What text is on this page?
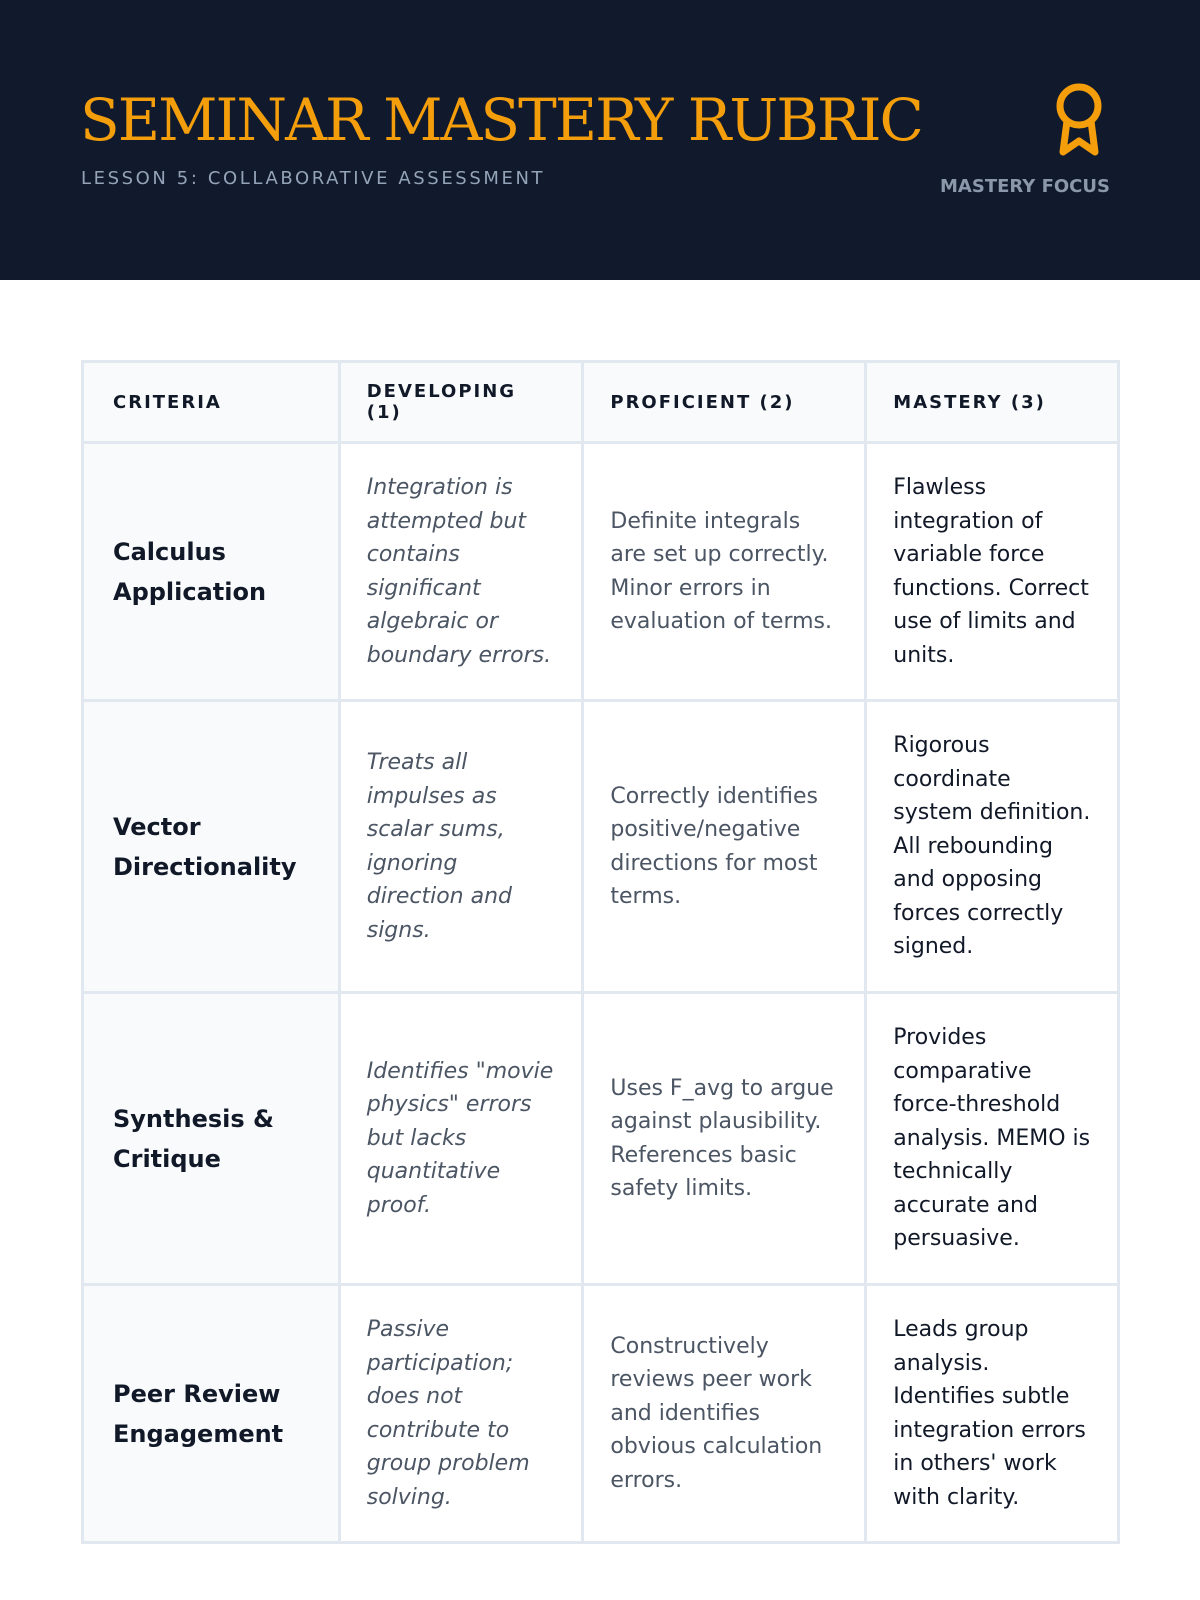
SEMINAR MASTERY RUBRIC
LESSON 5: COLLABORATIVE ASSESSMENT	MASTERY FOCUS
CRITERIA	DEVELOPING (1)	PROFICIENT (2)	MASTERY (3)
Calculus Application	Integration is attempted but contains significant algebraic or boundary errors.	Definite integrals are set up correctly. Minor errors in evaluation of terms.	Flawless integration of variable force functions. Correct use of limits and units.
Vector Directionality	Treats all impulses as scalar sums, ignoring direction and signs.	Correctly identifies positive/negative directions for most terms.	Rigorous coordinate system definition. All rebounding and opposing forces correctly signed.
Synthesis & Critique	Identifies "movie physics" errors but lacks quantitative proof.	Uses F_avg to argue against plausibility. References basic safety limits.	Provides comparative force-threshold analysis. MEMO is technically accurate and persuasive.
Peer Review Engagement	Passive participation; does not contribute to group problem solving.	Constructively reviews peer work and identifies obvious calculation errors.	Leads group analysis. Identifies subtle integration errors in others' work with clarity.
